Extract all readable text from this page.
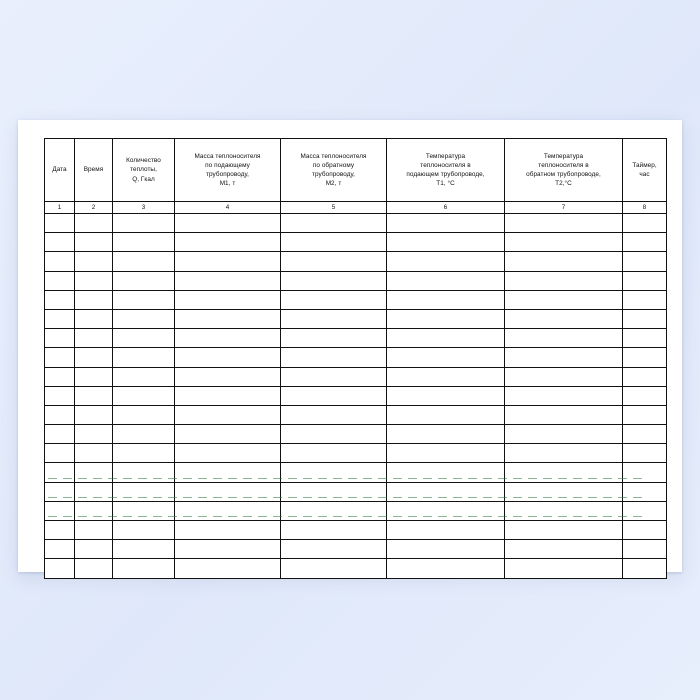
Дата	Время	Количество
теплоты,
Q, Гкал	Масса теплоносителя
по подающему
трубопроводу,
M1, т	Масса теплоносителя
по обратному
трубопроводу,
M2, т	Температура
теплоносителя в
подающем трубопроводе,
T1, °С	Температура
теплоносителя в
обратном трубопроводе,
T2,°С	Таймер,
час

1	2	3	4	5	6	7	8
